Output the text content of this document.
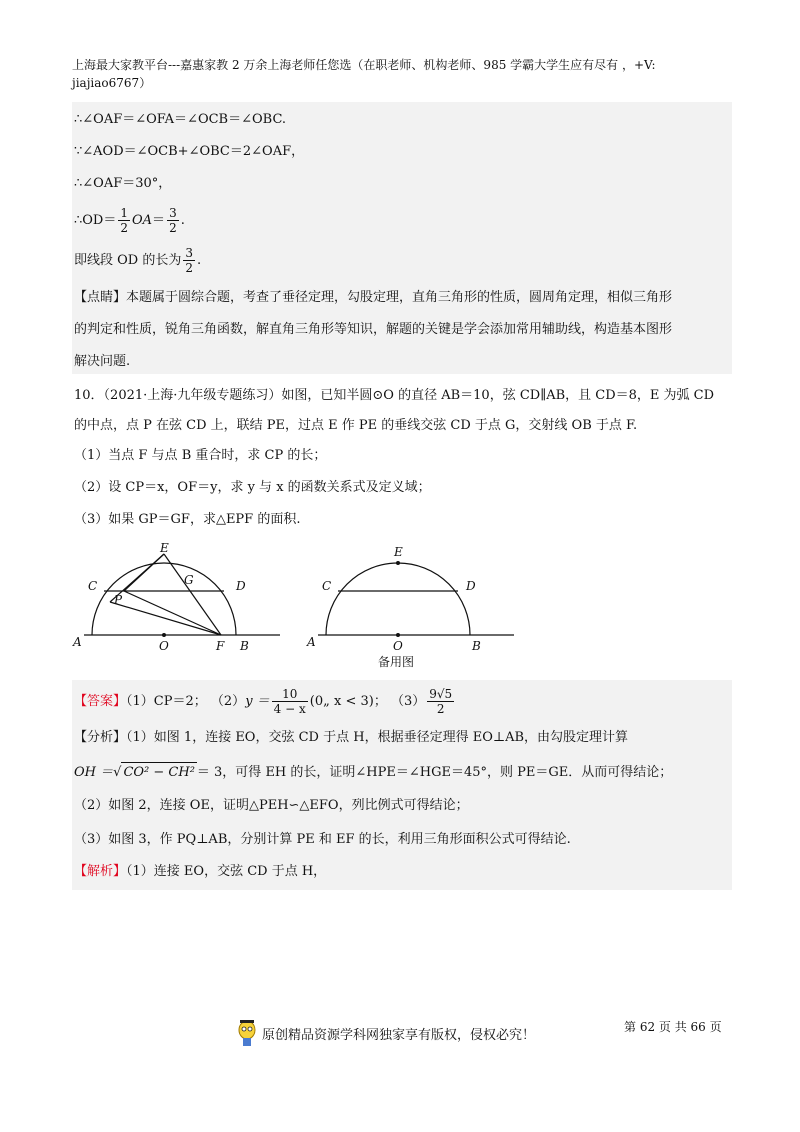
上海最大家教平台---嘉惠家教 2 万余上海老师任您选（在职老师、机构老师、985 学霸大学生应有尽有 ，+V:
jiajiao6767）
∴∠OAF＝∠OFA＝∠OCB＝∠OBC.
∵∠AOD＝∠OCB+∠OBC＝2∠OAF，
∴∠OAF＝30°，
∴OD＝ $\frac{1}{2} OA= \frac{3}{2}$ .
即线段 OD 的长为 $\frac{3}{2}$ .
【点睛】本题属于圆综合题，考查了垂径定理，勾股定理，直角三角形的性质，圆周角定理，相似三角形
的判定和性质，锐角三角函数，解直角三角形等知识，解题的关键是学会添加常用辅助线，构造基本图形
解决问题.
10．（2021·上海·九年级专题练习）如图，已知半圆⊙O 的直径 AB＝10，弦 CD∥AB，且 CD＝8，E 为弧 CD
的中点，点 P 在弦 CD 上，联结 PE，过点 E 作 PE 的垂线交弦 CD 于点 G，交射线 OB 于点 F.
（1）当点 F 与点 B 重合时，求 CP 的长；
（2）设 CP＝x，OF＝y，求 y 与 x 的函数关系式及定义域；
（3）如果 GP＝GF，求△EPF 的面积.
E
C	G	D
P
A	O	F B
E
C	D
A	O	B
备用图
【答案】（1）CP＝2； $(2)y = \frac{10}{4 - x}$ (0„ x < 3)； $(3) \frac{9√5}{2}$
【分析】（1）如图 1，连接 EO，交弦 CD 于点 H，根据垂径定理得 EO⊥AB，由勾股定理计算
OH ＝√ CO² − CH² ＝ 3，可得 EH 的长，证明∠HPE＝∠HGE＝45°，则 PE＝GE．从而可得结论；
（2）如图 2，连接 OE，证明△PEH∽△EFO，列比例式可得结论；
（3）如图 3，作 PQ⊥AB，分别计算 PE 和 EF 的长，利用三角形面积公式可得结论.
【解析】（1）连接 EO，交弦 CD 于点 H，
原创精品资源学科网独家享有版权，侵权必究！
第 62 页 共 66 页
